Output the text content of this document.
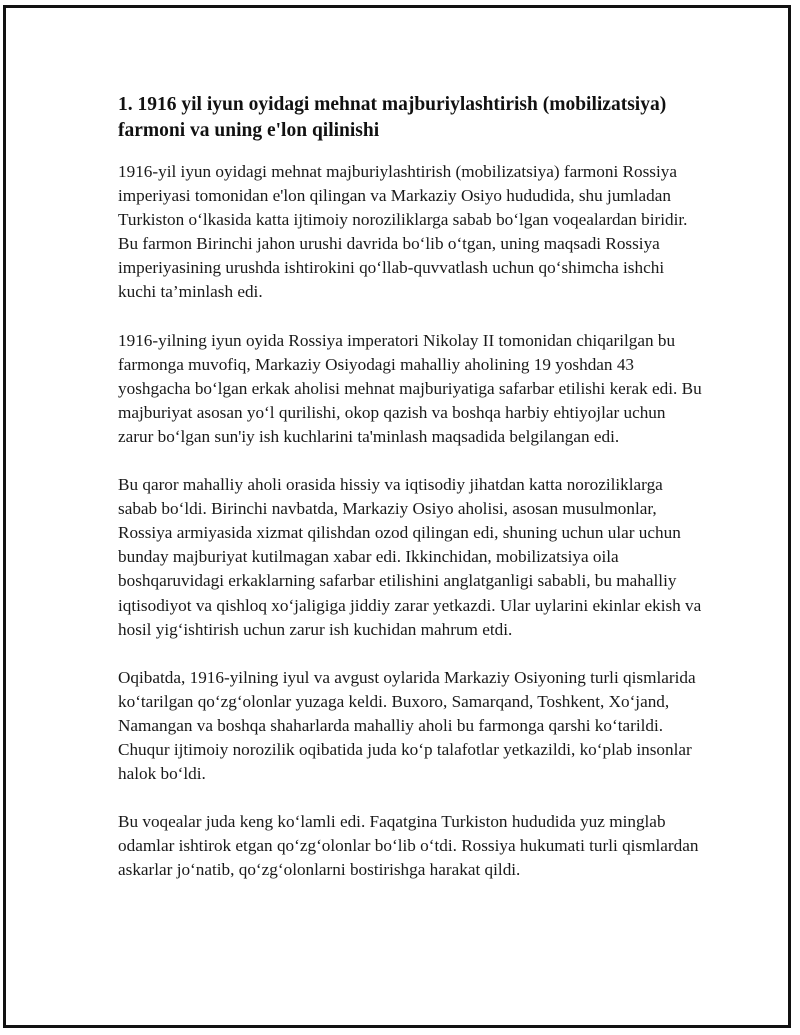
1. 1916 yil iyun oyidagi mehnat majburiylashtirish (mobilizatsiya) farmoni va uning e'lon qilinishi

1916-yil iyun oyidagi mehnat majburiylashtirish (mobilizatsiya) farmoni Rossiya imperiyasi tomonidan e'lon qilingan va Markaziy Osiyo hududida, shu jumladan Turkiston o‘lkasida katta ijtimoiy noroziliklarga sabab bo‘lgan voqealardan biridir. Bu farmon Birinchi jahon urushi davrida bo‘lib o‘tgan, uning maqsadi Rossiya imperiyasining urushda ishtirokini qo‘llab-quvvatlash uchun qo‘shimcha ishchi kuchi ta’minlash edi.

1916-yilning iyun oyida Rossiya imperatori Nikolay II tomonidan chiqarilgan bu farmonga muvofiq, Markaziy Osiyodagi mahalliy aholining 19 yoshdan 43 yoshgacha bo‘lgan erkak aholisi mehnat majburiyatiga safarbar etilishi kerak edi. Bu majburiyat asosan yo‘l qurilishi, okop qazish va boshqa harbiy ehtiyojlar uchun zarur bo‘lgan sun'iy ish kuchlarini ta'minlash maqsadida belgilangan edi.

Bu qaror mahalliy aholi orasida hissiy va iqtisodiy jihatdan katta noroziliklarga sabab bo‘ldi. Birinchi navbatda, Markaziy Osiyo aholisi, asosan musulmonlar, Rossiya armiyasida xizmat qilishdan ozod qilingan edi, shuning uchun ular uchun bunday majburiyat kutilmagan xabar edi. Ikkinchidan, mobilizatsiya oila boshqaruvidagi erkaklarning safarbar etilishini anglatganligi sababli, bu mahalliy iqtisodiyot va qishloq xo‘jaligiga jiddiy zarar yetkazdi. Ular uylarini ekinlar ekish va hosil yig‘ishtirish uchun zarur ish kuchidan mahrum etdi.

Oqibatda, 1916-yilning iyul va avgust oylarida Markaziy Osiyoning turli qismlarida ko‘tarilgan qo‘zg‘olonlar yuzaga keldi. Buxoro, Samarqand, Toshkent, Xo‘jand, Namangan va boshqa shaharlarda mahalliy aholi bu farmonga qarshi ko‘tarildi. Chuqur ijtimoiy norozilik oqibatida juda ko‘p talafotlar yetkazildi, ko‘plab insonlar halok bo‘ldi.

Bu voqealar juda keng ko‘lamli edi. Faqatgina Turkiston hududida yuz minglab odamlar ishtirok etgan qo‘zg‘olonlar bo‘lib o‘tdi. Rossiya hukumati turli qismlardan askarlar jo‘natib, qo‘zg‘olonlarni bostirishga harakat qildi.
